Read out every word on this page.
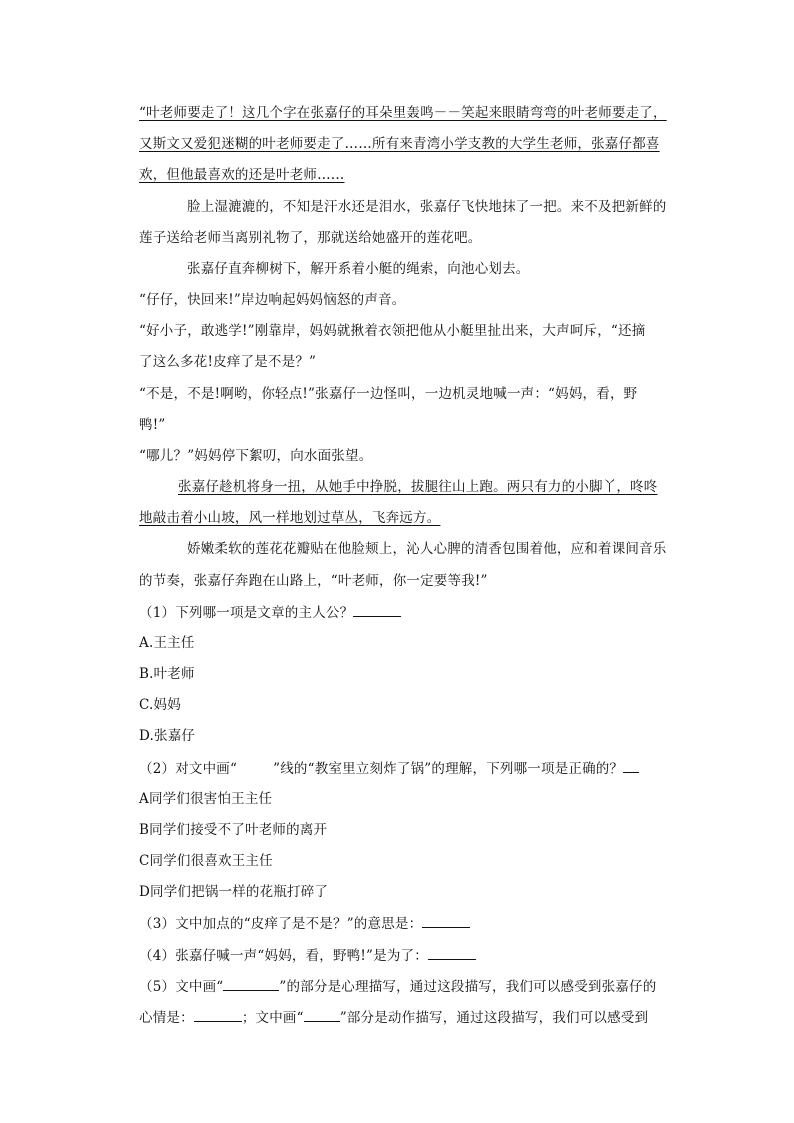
“叶老师要走了！这几个字在张嘉仔的耳朵里轰鸣－－笑起来眼睛弯弯的叶老师要走了，
又斯文又爱犯迷糊的叶老师要走了……所有来青湾小学支教的大学生老师，张嘉仔都喜
欢，但他最喜欢的还是叶老师……
脸上湿漉漉的，不知是汗水还是泪水，张嘉仔飞快地抹了一把。来不及把新鲜的
莲子送给老师当离别礼物了，那就送给她盛开的莲花吧。
张嘉仔直奔柳树下，解开系着小艇的绳索，向池心划去。
“仔仔，快回来!”岸边响起妈妈恼怒的声音。
“好小子，敢逃学!”刚靠岸，妈妈就揪着衣领把他从小艇里扯出来，大声呵斥，“还摘
了这么多花!皮痒了是不是？”
“不是，不是!啊哟，你轻点!”张嘉仔一边怪叫，一边机灵地喊一声：“妈妈，看，野
鸭!”
“哪儿？”妈妈停下絮叨，向水面张望。
张嘉仔趁机将身一扭，从她手中挣脱，拔腿往山上跑。两只有力的小脚丫，咚咚
地敲击着小山坡，风一样地划过草丛，飞奔远方。
娇嫩柔软的莲花花瓣贴在他脸颊上，沁人心脾的清香包围着他，应和着课间音乐
的节奏，张嘉仔奔跑在山路上，“叶老师，你一定要等我!”
（1）下列哪一项是文章的主人公？
A.王主任
B.叶老师
C.妈妈
D.张嘉仔
（2）对文中画“	”线的“教室里立刻炸了锅”的理解，下列哪一项是正确的？
A同学们很害怕王主任
B同学们接受不了叶老师的离开
C同学们很喜欢王主任
D同学们把锅一样的花瓶打碎了
（3）文中加点的“皮痒了是不是？”的意思是：
（4）张嘉仔喊一声“妈妈，看，野鸭!”是为了：
（5）文中画“	”的部分是心理描写，通过这段描写，我们可以感受到张嘉仔的
心情是：	；文中画“	”部分是动作描写，通过这段描写，我们可以感受到
